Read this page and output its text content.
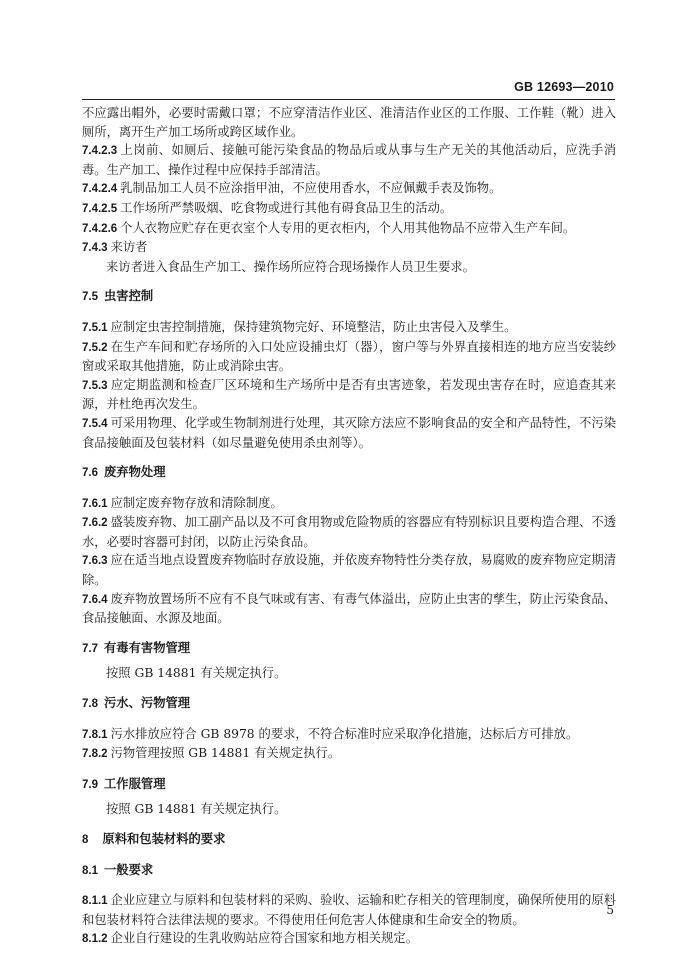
GB 12693—2010

不应露出帽外，必要时需戴口罩；不应穿清洁作业区、准清洁作业区的工作服、工作鞋（靴）进入厕所，离开生产加工场所或跨区域作业。

7.4.2.3 上岗前、如厕后、接触可能污染食品的物品后或从事与生产无关的其他活动后，应洗手消毒。生产加工、操作过程中应保持手部清洁。

7.4.2.4 乳制品加工人员不应涂指甲油，不应使用香水，不应佩戴手表及饰物。

7.4.2.5 工作场所严禁吸烟、吃食物或进行其他有碍食品卫生的活动。

7.4.2.6 个人衣物应贮存在更衣室个人专用的更衣柜内，个人用其他物品不应带入生产车间。

7.4.3 来访者

来访者进入食品生产加工、操作场所应符合现场操作人员卫生要求。

7.5 虫害控制

7.5.1 应制定虫害控制措施，保持建筑物完好、环境整洁，防止虫害侵入及孳生。

7.5.2 在生产车间和贮存场所的入口处应设捕虫灯（器），窗户等与外界直接相连的地方应当安装纱窗或采取其他措施，防止或消除虫害。

7.5.3 应定期监测和检查厂区环境和生产场所中是否有虫害迹象，若发现虫害存在时，应追查其来源，并杜绝再次发生。

7.5.4 可采用物理、化学或生物制剂进行处理，其灭除方法应不影响食品的安全和产品特性，不污染食品接触面及包装材料（如尽量避免使用杀虫剂等）。

7.6 废弃物处理

7.6.1 应制定废弃物存放和清除制度。

7.6.2 盛装废弃物、加工副产品以及不可食用物或危险物质的容器应有特别标识且要构造合理、不透水，必要时容器可封闭，以防止污染食品。

7.6.3 应在适当地点设置废弃物临时存放设施，并依废弃物特性分类存放，易腐败的废弃物应定期清除。

7.6.4 废弃物放置场所不应有不良气味或有害、有毒气体溢出，应防止虫害的孳生，防止污染食品、食品接触面、水源及地面。

7.7 有毒有害物管理

按照 GB 14881 有关规定执行。

7.8 污水、污物管理

7.8.1 污水排放应符合 GB 8978 的要求，不符合标准时应采取净化措施，达标后方可排放。

7.8.2 污物管理按照 GB 14881 有关规定执行。

7.9 工作服管理

按照 GB 14881 有关规定执行。

8 原料和包装材料的要求

8.1 一般要求

8.1.1 企业应建立与原料和包装材料的采购、验收、运输和贮存相关的管理制度，确保所使用的原料和包装材料符合法律法规的要求。不得使用任何危害人体健康和生命安全的物质。

8.1.2 企业自行建设的生乳收购站应符合国家和地方相关规定。

5
